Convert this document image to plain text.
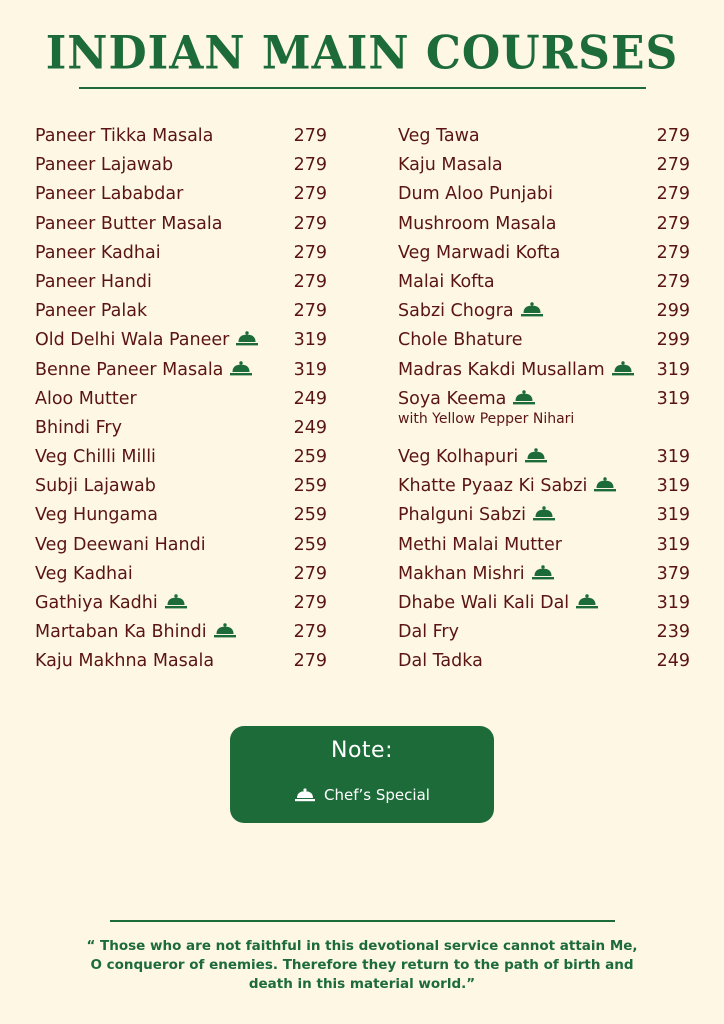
INDIAN MAIN COURSES
Paneer Tikka Masala	279
Paneer Lajawab	279
Paneer Lababdar	279
Paneer Butter Masala	279
Paneer Kadhai	279
Paneer Handi	279
Paneer Palak	279
Old Delhi Wala Paneer	319
Benne Paneer Masala	319
Aloo Mutter	249
Bhindi Fry	249
Veg Chilli Milli	259
Subji Lajawab	259
Veg Hungama	259
Veg Deewani Handi	259
Veg Kadhai	279
Gathiya Kadhi	279
Martaban Ka Bhindi	279
Kaju Makhna Masala	279
Veg Tawa	279
Kaju Masala	279
Dum Aloo Punjabi	279
Mushroom Masala	279
Veg Marwadi Kofta	279
Malai Kofta	279
Sabzi Chogra	299
Chole Bhature	299
Madras Kakdi Musallam	319
Soya Keema	319
with Yellow Pepper Nihari
Veg Kolhapuri	319
Khatte Pyaaz Ki Sabzi	319
Phalguni Sabzi	319
Methi Malai Mutter	319
Makhan Mishri	379
Dhabe Wali Kali Dal	319
Dal Fry	239
Dal Tadka	249
Note:
Chef’s Special
“ Those who are not faithful in this devotional service cannot attain Me, O conqueror of enemies. Therefore they return to the path of birth and death in this material world.”
